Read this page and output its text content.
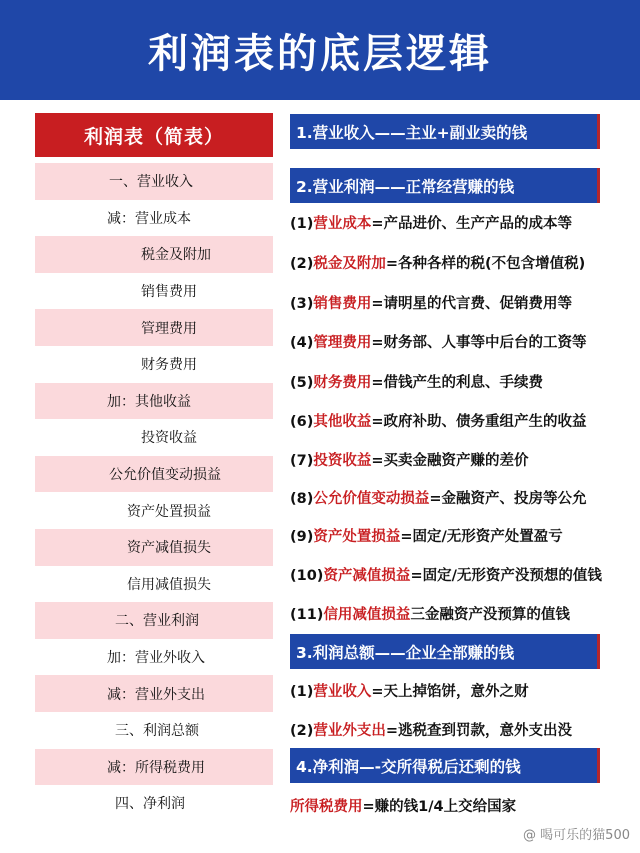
利润表的底层逻辑
利润表（简表）
一、营业收入
减：营业成本
税金及附加
销售费用
管理费用
财务费用
加：其他收益
投资收益
公允价值变动损益
资产处置损益
资产减值损失
信用减值损失
二、营业利润
加：营业外收入
减：营业外支出
三、利润总额
减：所得税费用
四、净利润
1.营业收入——主业+副业卖的钱
2.营业利润——正常经营赚的钱
3.利润总额——企业全部赚的钱
4.净利润—-交所得税后还剩的钱
(1)营业成本=产品进价、生产产品的成本等
(2)税金及附加=各种各样的税(不包含增值税)
(3)销售费用=请明星的代言费、促销费用等
(4)管理费用=财务部、人事等中后台的工资等
(5)财务费用=借钱产生的利息、手续费
(6)其他收益=政府补助、债务重组产生的收益
(7)投资收益=买卖金融资产赚的差价
(8)公允价值变动损益=金融资产、投房等公允
(9)资产处置损益=固定/无形资产处置盈亏
(10)资产减值损益=固定/无形资产没预想的值钱
(11)信用减值损益三金融资产没预算的值钱
(1)营业收入=天上掉馅饼，意外之财
(2)营业外支出=逃税查到罚款，意外支出没
所得税费用=赚的钱1/4上交给国家
@ 喝可乐的猫500
